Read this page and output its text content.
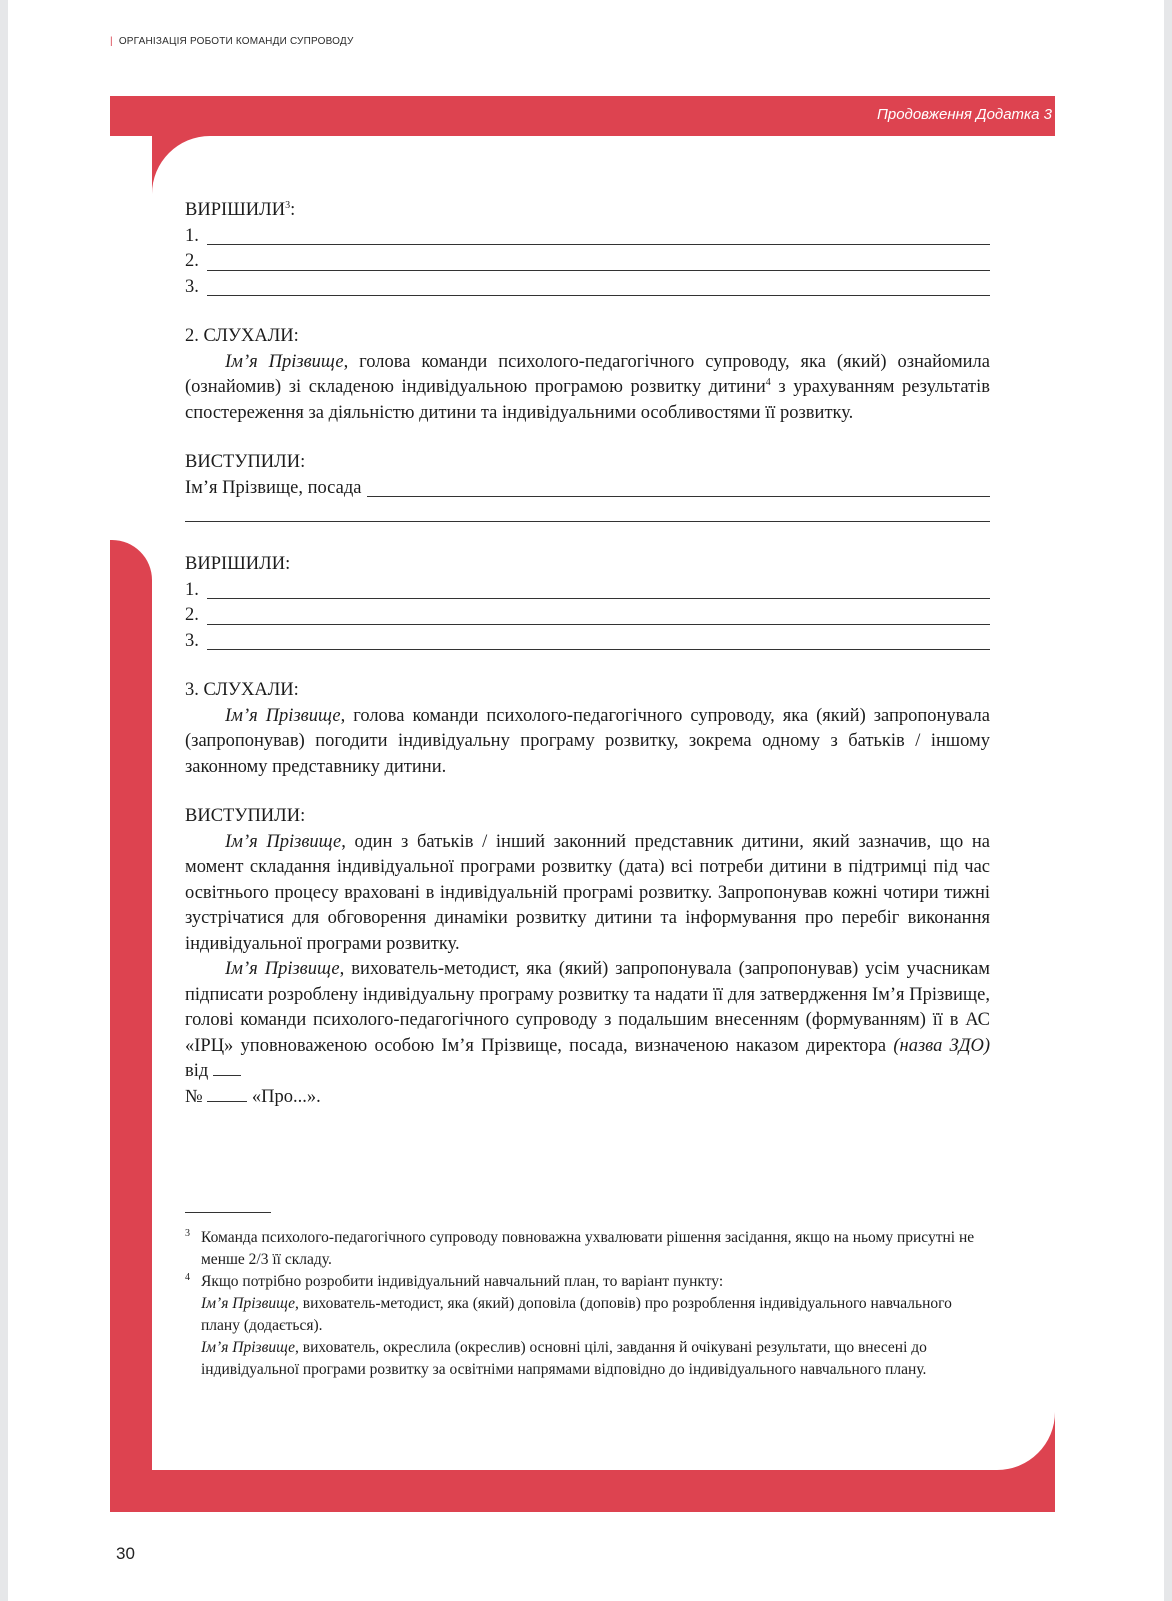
| ОРГАНІЗАЦІЯ РОБОТИ КОМАНДИ СУПРОВОДУ
Продовження Додатка 3

ВИРІШИЛИ$^3$:

1.
2.
3.

2. СЛУХАЛИ:

Ім’я Прізвище, голова команди психолого-педагогічного супроводу, яка (який) ознайомила (ознайомив) зі складеною індивідуальною програмою розвитку дитини$^4$ з урахуванням результатів спостереження за діяльністю дитини та індивідуальними особливостями її розвитку.

ВИСТУПИЛИ:

Ім’я Прізвище, посада

ВИРІШИЛИ:

1.
2.
3.

3. СЛУХАЛИ:

Ім’я Прізвище, голова команди психолого-педагогічного супроводу, яка (який) запропонувала (запропонував) погодити індивідуальну програму розвитку, зокрема одному з батьків / іншому законному представнику дитини.

ВИСТУПИЛИ:

Ім’я Прізвище, один з батьків / інший законний представник дитини, який зазначив, що на момент складання індивідуальної програми розвитку (дата) всі потреби дитини в підтримці під час освітнього процесу враховані в індивідуальній програмі розвитку. Запропонував кожні чотири тижні зустрічатися для обговорення динаміки розвитку дитини та інформування про перебіг виконання індивідуальної програми розвитку.

Ім’я Прізвище, вихователь-методист, яка (який) запропонувала (запропонував) усім учасникам підписати розроблену індивідуальну програму розвитку та надати її для затвердження Ім’я Прізвище, голові команди психолого-педагогічного супроводу з подальшим внесенням (формуванням) її в АС «ІРЦ» уповноваженою особою Ім’я Прізвище, посада, визначеною наказом директора (назва ЗДО) від
№	«Про...».

3 Команда психолого-педагогічного супроводу повноважна ухвалювати рішення засідання, якщо на ньому присутні не менше 2/3 її складу.

4 Якщо потрібно розробити індивідуальний навчальний план, то варіант пункту:

Ім’я Прізвище, вихователь-методист, яка (який) доповіла (доповів) про розроблення індивідуального навчального плану (додається).

Ім’я Прізвище, вихователь, окреслила (окреслив) основні цілі, завдання й очікувані результати, що внесені до індивідуальної програми розвитку за освітніми напрямами відповідно до індивідуального навчального плану.

30
